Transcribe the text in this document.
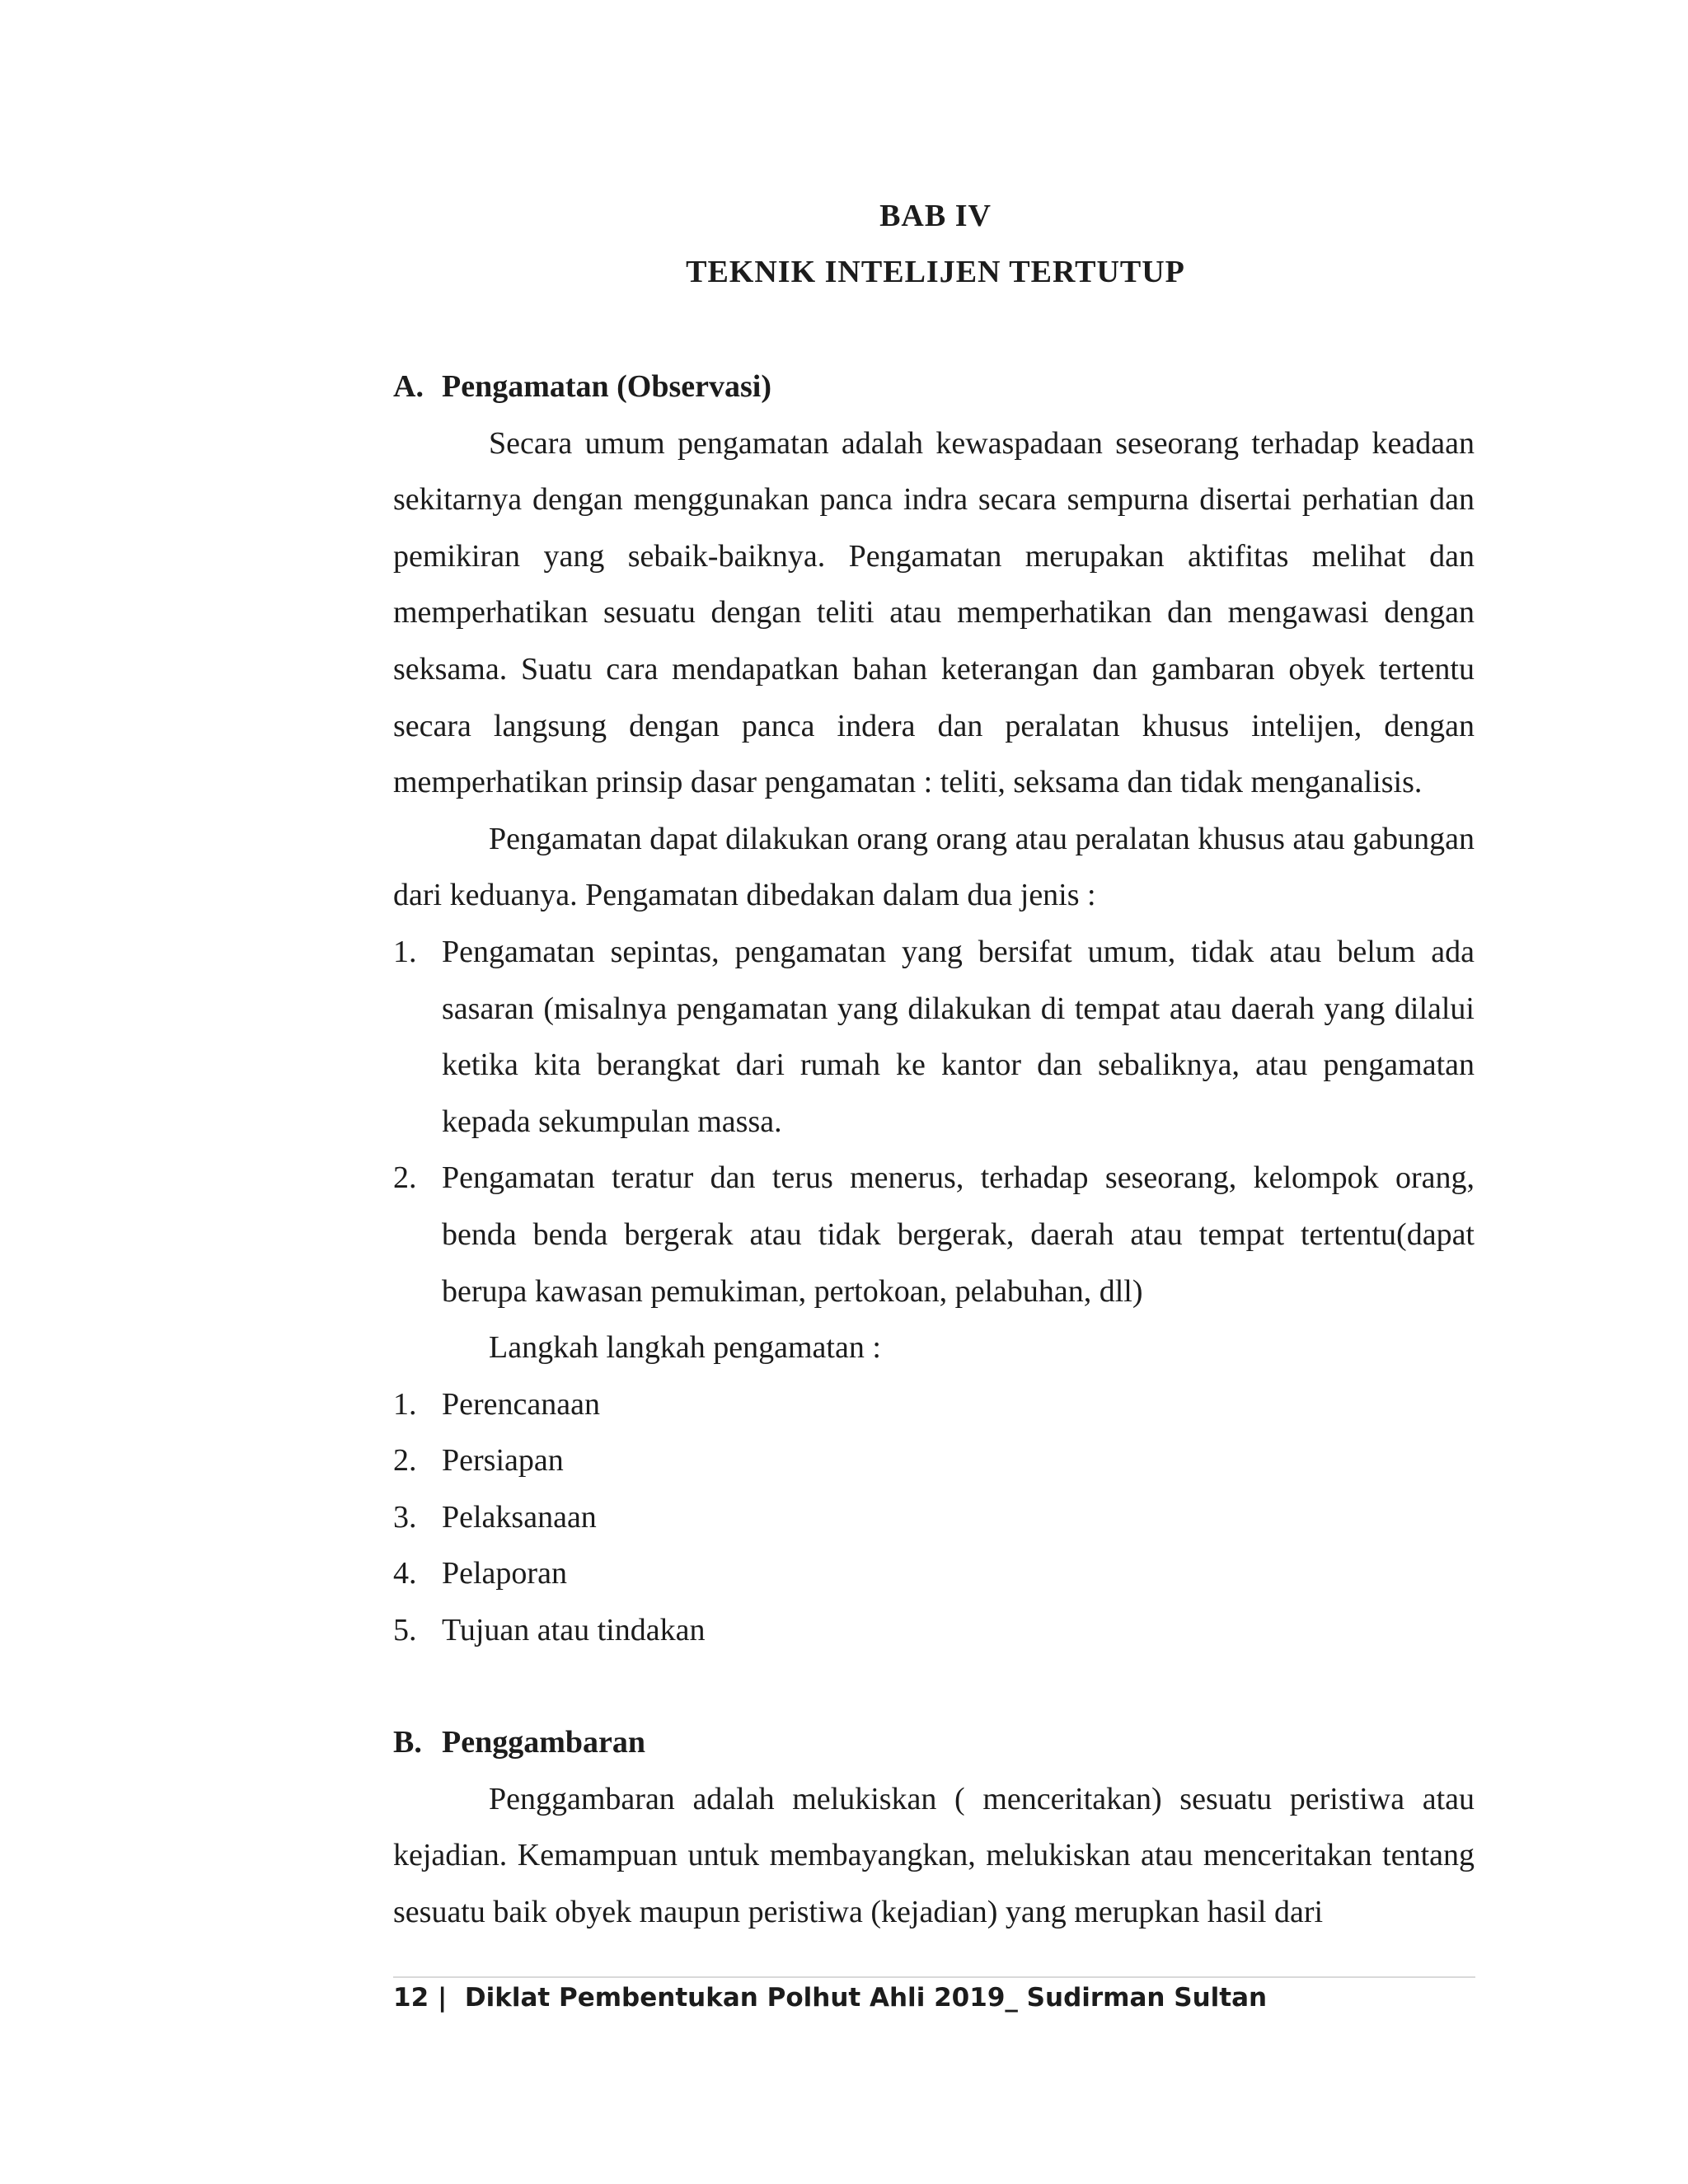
BAB IV
TEKNIK INTELIJEN TERTUTUP
A. Pengamatan (Observasi)

Secara umum pengamatan adalah kewaspadaan seseorang terhadap keadaan sekitarnya dengan menggunakan panca indra secara sempurna disertai perhatian dan pemikiran yang sebaik-baiknya. Pengamatan merupakan aktifitas melihat dan memperhatikan sesuatu dengan teliti atau memperhatikan dan mengawasi dengan seksama. Suatu cara mendapatkan bahan keterangan dan gambaran obyek tertentu secara langsung dengan panca indera dan peralatan khusus intelijen, dengan memperhatikan prinsip dasar pengamatan : teliti, seksama dan tidak menganalisis.

Pengamatan dapat dilakukan orang orang atau peralatan khusus atau gabungan dari keduanya. Pengamatan dibedakan dalam dua jenis :

1. Pengamatan sepintas, pengamatan yang bersifat umum, tidak atau belum ada sasaran (misalnya pengamatan yang dilakukan di tempat atau daerah yang dilalui ketika kita berangkat dari rumah ke kantor dan sebaliknya, atau pengamatan kepada sekumpulan massa.
2. Pengamatan teratur dan terus menerus, terhadap seseorang, kelompok orang, benda benda bergerak atau tidak bergerak, daerah atau tempat tertentu(dapat berupa kawasan pemukiman, pertokoan, pelabuhan, dll)

Langkah langkah pengamatan :

1. Perencanaan
2. Persiapan
3. Pelaksanaan
4. Pelaporan
5. Tujuan atau tindakan
B. Penggambaran

Penggambaran adalah melukiskan ( menceritakan) sesuatu peristiwa atau kejadian. Kemampuan untuk membayangkan, melukiskan atau menceritakan tentang sesuatu baik obyek maupun peristiwa (kejadian) yang merupkan hasil dari

12 | Diklat Pembentukan Polhut Ahli 2019_ Sudirman Sultan
